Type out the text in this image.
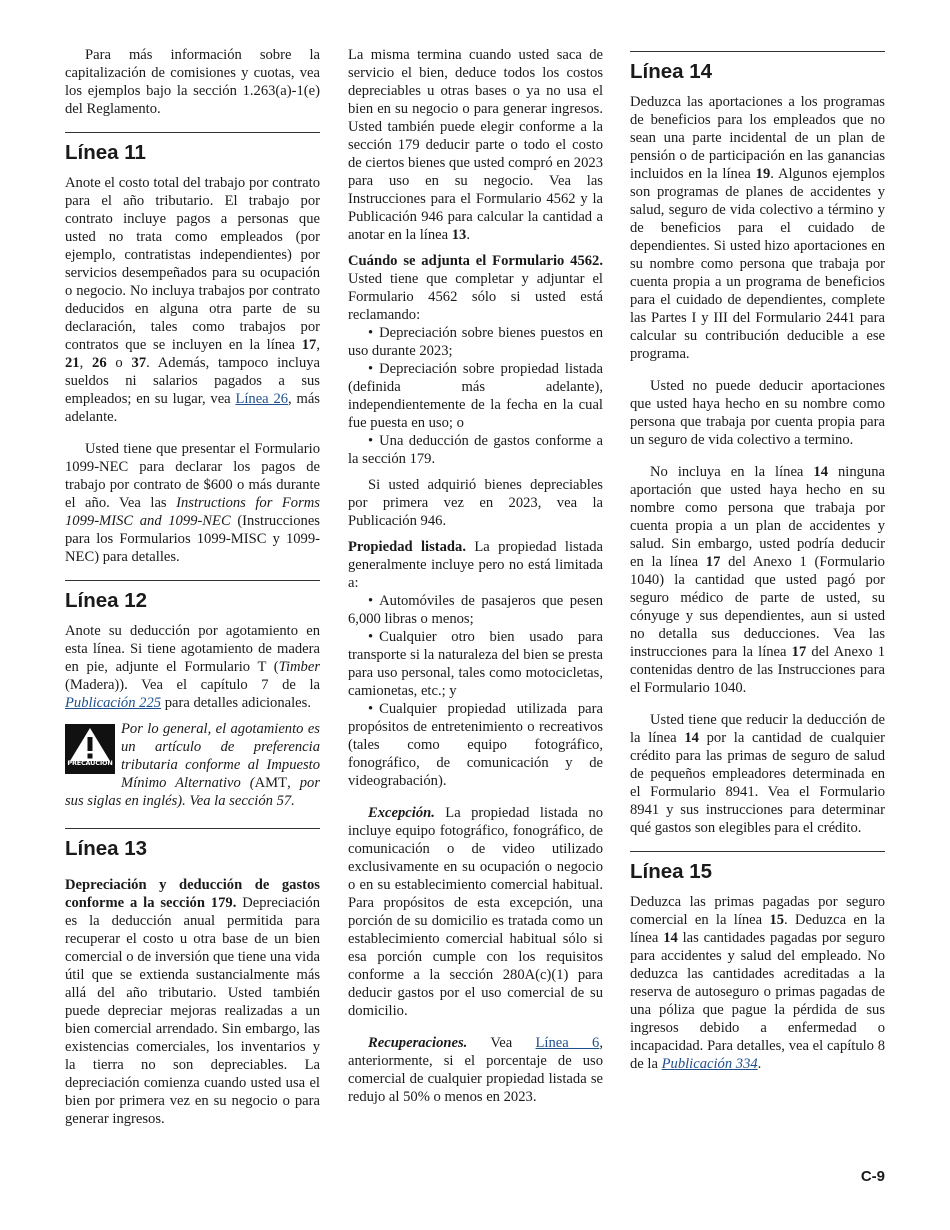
Para más información sobre la capitalización de comisiones y cuotas, vea los ejemplos bajo la sección 1.263(a)-1(e) del Reglamento.

Línea 11

Anote el costo total del trabajo por contrato para el año tributario. El trabajo por contrato incluye pagos a personas que usted no trata como empleados (por ejemplo, contratistas independientes) por servicios desempeñados para su ocupación o negocio. No incluya trabajos por contrato deducidos en alguna otra parte de su declaración, tales como trabajos por contratos que se incluyen en la línea 17, 21, 26 o 37. Además, tampoco incluya sueldos ni salarios pagados a sus empleados; en su lugar, vea Línea 26, más adelante.

Usted tiene que presentar el Formulario 1099-NEC para declarar los pagos de trabajo por contrato de $600 o más durante el año. Vea las Instructions for Forms 1099-MISC and 1099-NEC (Instrucciones para los Formularios 1099-MISC y 1099-NEC) para detalles.

Línea 12

Anote su deducción por agotamiento en esta línea. Si tiene agotamiento de madera en pie, adjunte el Formulario T (Timber (Madera)). Vea el capítulo 7 de la Publicación 225 para detalles adicionales.

PRECAUCION
Por lo general, el agotamiento es un artículo de preferencia tributaria conforme al Impuesto Mínimo Alternativo (AMT, por sus siglas en inglés). Vea la sección 57.
Línea 13

Depreciación y deducción de gastos conforme a la sección 179. Depreciación es la deducción anual permitida para recuperar el costo u otra base de un bien comercial o de inversión que tiene una vida útil que se extienda sustancialmente más allá del año tributario. Usted también puede depreciar mejoras realizadas a un bien comercial arrendado. Sin embargo, las existencias comerciales, los inventarios y la tierra no son depreciables. La depreciación comienza cuando usted usa el bien por primera vez en su negocio o para generar ingresos.

La misma termina cuando usted saca de servicio el bien, deduce todos los costos depreciables u otras bases o ya no usa el bien en su negocio o para generar ingresos. Usted también puede elegir conforme a la sección 179 deducir parte o todo el costo de ciertos bienes que usted compró en 2023 para uso en su negocio. Vea las Instrucciones para el Formulario 4562 y la Publicación 946 para calcular la cantidad a anotar en la línea 13.

Cuándo se adjunta el Formulario 4562. Usted tiene que completar y adjuntar el Formulario 4562 sólo si usted está reclamando:

• Depreciación sobre bienes puestos en uso durante 2023;

• Depreciación sobre propiedad listada (definida más adelante), independientemente de la fecha en la cual fue puesta en uso; o

• Una deducción de gastos conforme a la sección 179.

Si usted adquirió bienes depreciables por primera vez en 2023, vea la Publicación 946.

Propiedad listada. La propiedad listada generalmente incluye pero no está limitada a:

• Automóviles de pasajeros que pesen 6,000 libras o menos;

• Cualquier otro bien usado para transporte si la naturaleza del bien se presta para uso personal, tales como motocicletas, camionetas, etc.; y

• Cualquier propiedad utilizada para propósitos de entretenimiento o recreativos (tales como equipo fotográfico, fonográfico, de comunicación y de videograbación).

Excepción. La propiedad listada no incluye equipo fotográfico, fonográfico, de comunicación o de video utilizado exclusivamente en su ocupación o negocio o en su establecimiento comercial habitual. Para propósitos de esta excepción, una porción de su domicilio es tratada como un establecimiento comercial habitual sólo si esa porción cumple con los requisitos conforme a la sección 280A(c)(1) para deducir gastos por el uso comercial de su domicilio.

Recuperaciones. Vea Línea 6, anteriormente, si el porcentaje de uso comercial de cualquier propiedad listada se redujo al 50% o menos en 2023.

Línea 14

Deduzca las aportaciones a los programas de beneficios para los empleados que no sean una parte incidental de un plan de pensión o de participación en las ganancias incluidos en la línea 19. Algunos ejemplos son programas de planes de accidentes y salud, seguro de vida colectivo a término y de beneficios para el cuidado de dependientes. Si usted hizo aportaciones en su nombre como persona que trabaja por cuenta propia a un programa de beneficios para el cuidado de dependientes, complete las Partes I y III del Formulario 2441 para calcular su contribución deducible a ese programa.

Usted no puede deducir aportaciones que usted haya hecho en su nombre como persona que trabaja por cuenta propia para un seguro de vida colectivo a termino.

No incluya en la línea 14 ninguna aportación que usted haya hecho en su nombre como persona que trabaja por cuenta propia a un plan de accidentes y salud. Sin embargo, usted podría deducir en la línea 17 del Anexo 1 (Formulario 1040) la cantidad que usted pagó por seguro médico de parte de usted, su cónyuge y sus dependientes, aun si usted no detalla sus deducciones. Vea las instrucciones para la línea 17 del Anexo 1 contenidas dentro de las Instrucciones para el Formulario 1040.

Usted tiene que reducir la deducción de la línea 14 por la cantidad de cualquier crédito para las primas de seguro de salud de pequeños empleadores determinada en el Formulario 8941. Vea el Formulario 8941 y sus instrucciones para determinar qué gastos son elegibles para el crédito.

Línea 15

Deduzca las primas pagadas por seguro comercial en la línea 15. Deduzca en la línea 14 las cantidades pagadas por seguro para accidentes y salud del empleado. No deduzca las cantidades acreditadas a la reserva de autoseguro o primas pagadas de una póliza que pague la pérdida de sus ingresos debido a enfermedad o incapacidad. Para detalles, vea el capítulo 8 de la Publicación 334.

C-9
